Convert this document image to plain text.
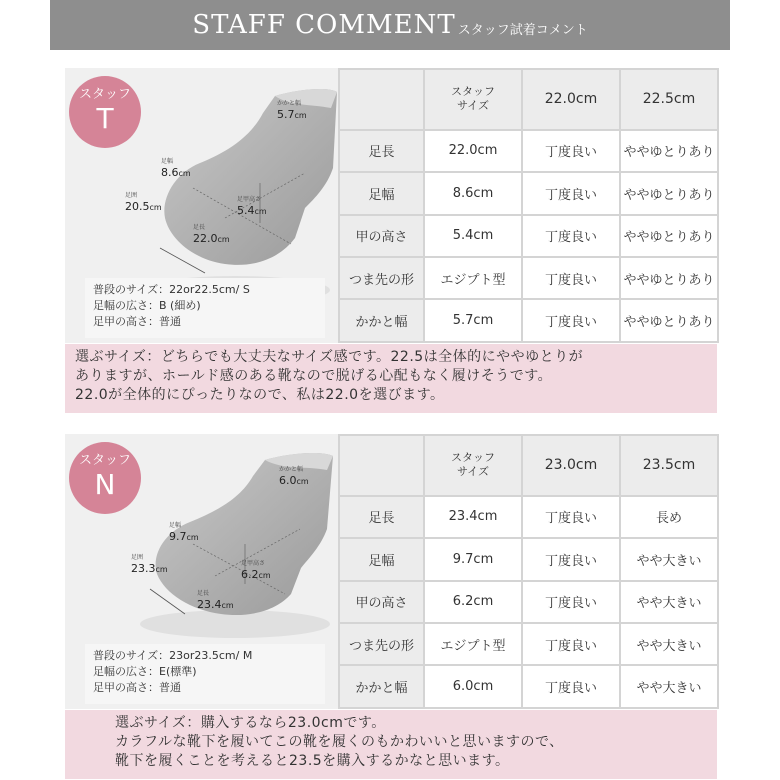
STAFF COMMENT スタッフ試着コメント
スタッフ
T	かかと幅
5.7cm
足幅
8.6cm
足囲
20.5cm
足甲高さ
5.4cm
足長
22.0cm
普段のサイズ：22or22.5cm/ S
足幅の広さ：B (細め)
足甲の高さ：普通
	スタッフ
サイズ	22.0cm	22.5cm
足長	22.0cm	丁度良い	ややゆとりあり
足幅	8.6cm	丁度良い	ややゆとりあり
甲の高さ	5.4cm	丁度良い	ややゆとりあり
つま先の形	エジプト型	丁度良い	ややゆとりあり
かかと幅	5.7cm	丁度良い	ややゆとりあり
選ぶサイズ：どちらでも大丈夫なサイズ感です。22.5は全体的にややゆとりが
ありますが、ホールド感のある靴なので脱げる心配もなく履けそうです。
22.0が全体的にぴったりなので、私は22.0を選びます。
スタッフ
N	かかと幅
6.0cm
足幅
9.7cm
足囲
23.3cm
足甲高さ
6.2cm
足長
23.4cm
普段のサイズ：23or23.5cm/ M
足幅の広さ：E(標準)
足甲の高さ：普通
	スタッフ
サイズ	23.0cm	23.5cm
足長	23.4cm	丁度良い	長め
足幅	9.7cm	丁度良い	やや大きい
甲の高さ	6.2cm	丁度良い	やや大きい
つま先の形	エジプト型	丁度良い	やや大きい
かかと幅	6.0cm	丁度良い	やや大きい
選ぶサイズ：購入するなら23.0cmです。
カラフルな靴下を履いてこの靴を履くのもかわいいと思いますので、
靴下を履くことを考えると23.5を購入するかなと思います。
